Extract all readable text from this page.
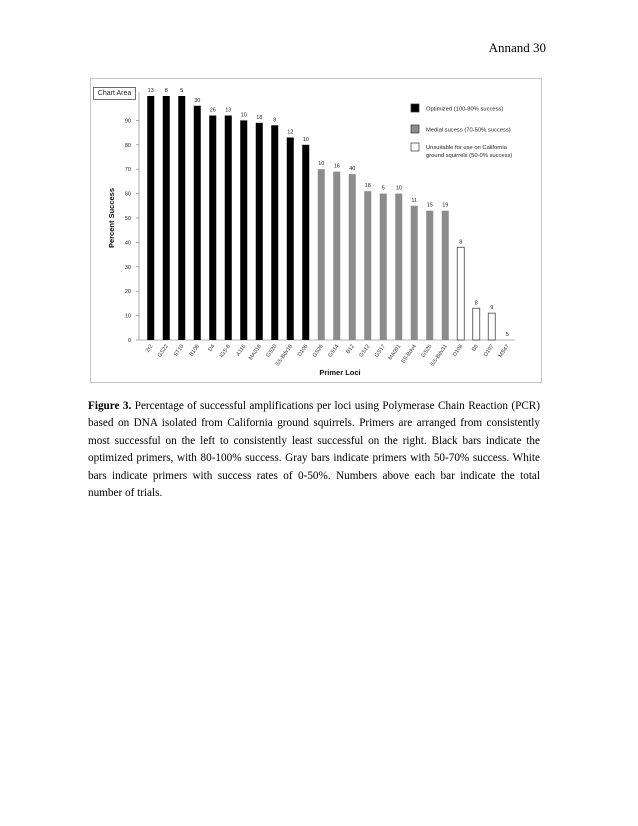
Annand 30
Chart Area
0
10
20
30
40
50
60
70
80
90
Percent Success
13
2r2
8
GS22
5
ST10
30
B108
26
D4
13
IGS-6
10
A116
18
MA018
8
GS20
12
SS-Bdv18
10
D106
10
GS26
16
GS14
40
B12
18
GS12
5
GS17
10
MA091
11
SS-Bdv4
15
GS25
19
SS-Bdv31
8
D108
8
B6
9
D107
5
MS47
Primer Loci
Optimized (100-80% success)
Medial sucess (70-50% success)
Unsuitable for use on California
ground squirrels (50-0% success)
Figure 3. Percentage of successful amplifications per loci using Polymerase Chain Reaction (PCR) based on DNA isolated from California ground squirrels. Primers are arranged from consistently most successful on the left to consistently least successful on the right. Black bars indicate the optimized primers, with 80-100% success. Gray bars indicate primers with 50-70% success. White bars indicate primers with success rates of 0-50%. Numbers above each bar indicate the total number of trials.
